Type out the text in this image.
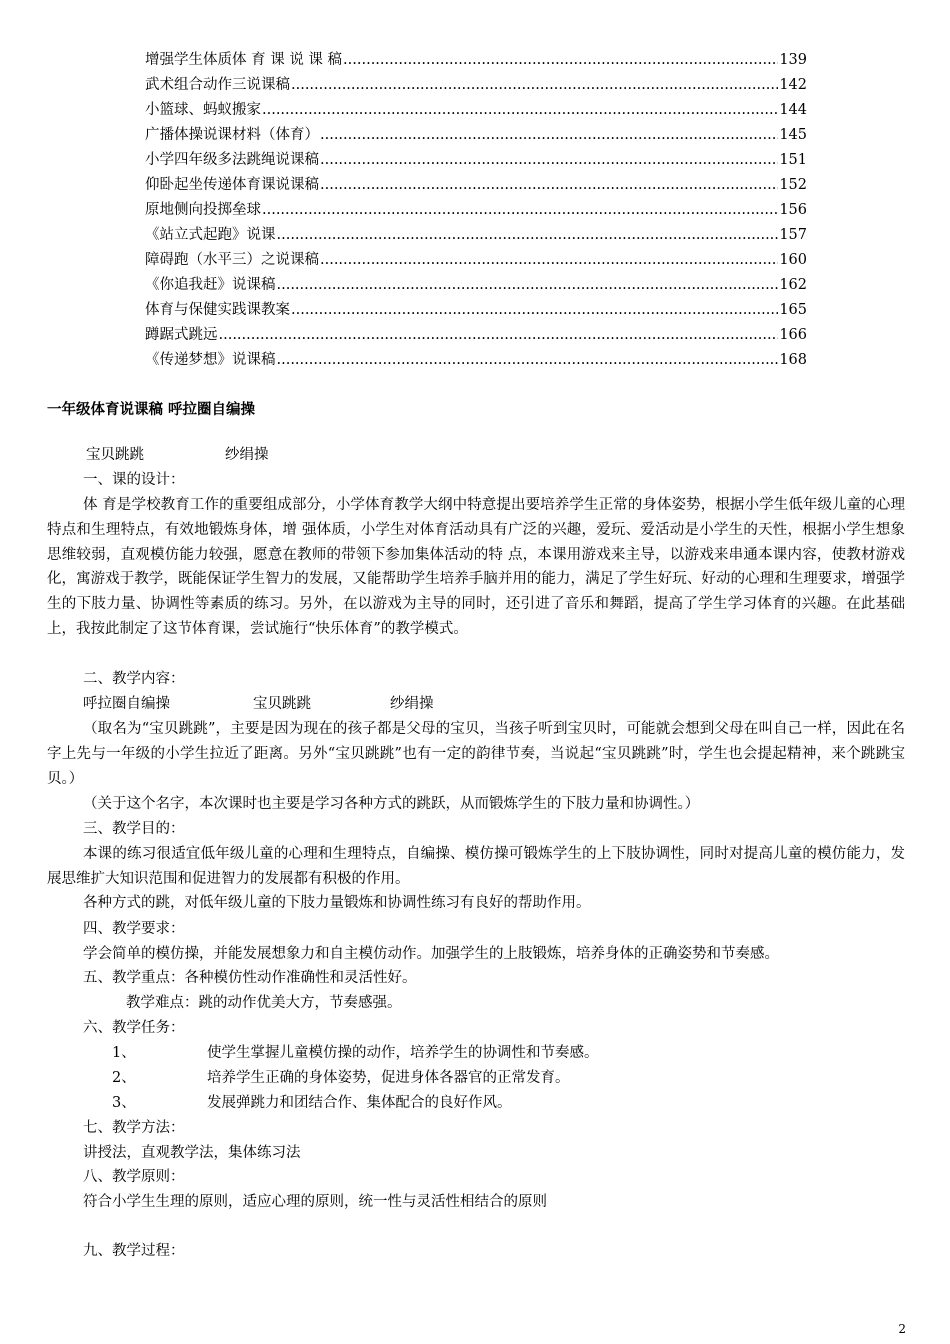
增强学生体质体 育 课 说 课 稿 .....	139
武术组合动作三说课稿 .....	142
小篮球、蚂蚁搬家 .....	144
广播体操说课材料（体育） .....	145
小学四年级多法跳绳说课稿 .....	151
仰卧起坐传递体育课说课稿 .....	152
原地侧向投掷垒球 .....	156
《站立式起跑》说课 .....	157
障碍跑（水平三）之说课稿 .....	160
《你追我赶》说课稿 .....	162
体育与保健实践课教案 .....	165
蹲踞式跳远 .....	166
《传递梦想》说课稿 .....	168
一年级体育说课稿 呼拉圈自编操
宝贝跳跳	纱绢操
一、课的设计：
体 育是学校教育工作的重要组成部分，小学体育教学大纲中特意提出要培养学生正常的身体姿势，根据小学生低年级儿童的心理特点和生理特点，有效地锻炼身体，增 强体质，小学生对体育活动具有广泛的兴趣，爱玩、爱活动是小学生的天性，根据小学生想象思维较弱，直观模仿能力较强，愿意在教师的带领下参加集体活动的特 点，本课用游戏来主导，以游戏来串通本课内容，使教材游戏化，寓游戏于教学，既能保证学生智力的发展，又能帮助学生培养手脑并用的能力，满足了学生好玩、好动的心理和生理要求，增强学生的下肢力量、协调性等素质的练习。另外，在以游戏为主导的同时，还引进了音乐和舞蹈，提高了学生学习体育的兴趣。在此基础 上，我按此制定了这节体育课，尝试施行“快乐体育”的教学模式。
二、教学内容：
呼拉圈自编操	宝贝跳跳	纱绢操
（取名为“宝贝跳跳”，主要是因为现在的孩子都是父母的宝贝，当孩子听到宝贝时，可能就会想到父母在叫自己一样，因此在名字上先与一年级的小学生拉近了距离。另外“宝贝跳跳”也有一定的韵律节奏，当说起“宝贝跳跳”时，学生也会提起精神，来个跳跳宝贝。）
（关于这个名字，本次课时也主要是学习各种方式的跳跃，从而锻炼学生的下肢力量和协调性。）
三、教学目的：
本课的练习很适宜低年级儿童的心理和生理特点，自编操、模仿操可锻炼学生的上下肢协调性，同时对提高儿童的模仿能力，发展思维扩大知识范围和促进智力的发展都有积极的作用。
各种方式的跳，对低年级儿童的下肢力量锻炼和协调性练习有良好的帮助作用。
四、教学要求：
学会简单的模仿操，并能发展想象力和自主模仿动作。加强学生的上肢锻炼，培养身体的正确姿势和节奏感。
五、教学重点：各种模仿性动作准确性和灵活性好。
教学难点：跳的动作优美大方，节奏感强。
六、教学任务：
1、	使学生掌握儿童模仿操的动作，培养学生的协调性和节奏感。
2、	培养学生正确的身体姿势，促进身体各器官的正常发育。
3、	发展弹跳力和团结合作、集体配合的良好作风。
七、教学方法：
讲授法，直观教学法，集体练习法
八、教学原则：
符合小学生生理的原则，适应心理的原则，统一性与灵活性相结合的原则
九、教学过程：
2
